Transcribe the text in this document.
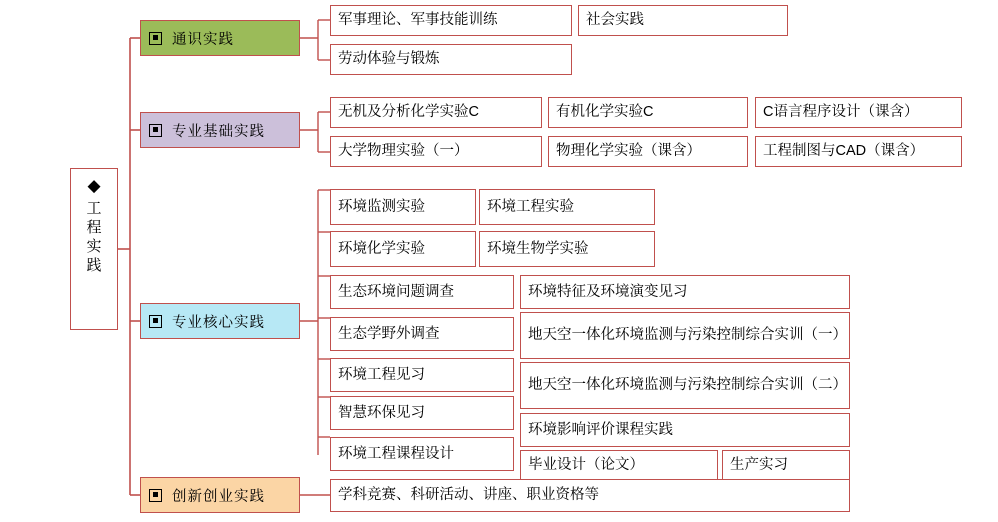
◆
工
程
实
践
通识实践
专业基础实践
专业核心实践
创新创业实践
军事理论、军事技能训练
劳动体验与锻炼
社会实践
无机及分析化学实验C
大学物理实验（一）
有机化学实验C
物理化学实验（课含）
C语言程序设计（课含）
工程制图与CAD（课含）
环境监测实验	环境工程实验
环境化学实验	环境生物学实验
生态环境问题调查
生态学野外调查
环境工程见习
智慧环保见习
环境工程课程设计
环境特征及环境演变见习
地天空一体化环境监测与污染控制综合实训（一）
地天空一体化环境监测与污染控制综合实训（二）
环境影响评价课程实践
毕业设计（论文）	生产实习
学科竞赛、科研活动、讲座、职业资格等
